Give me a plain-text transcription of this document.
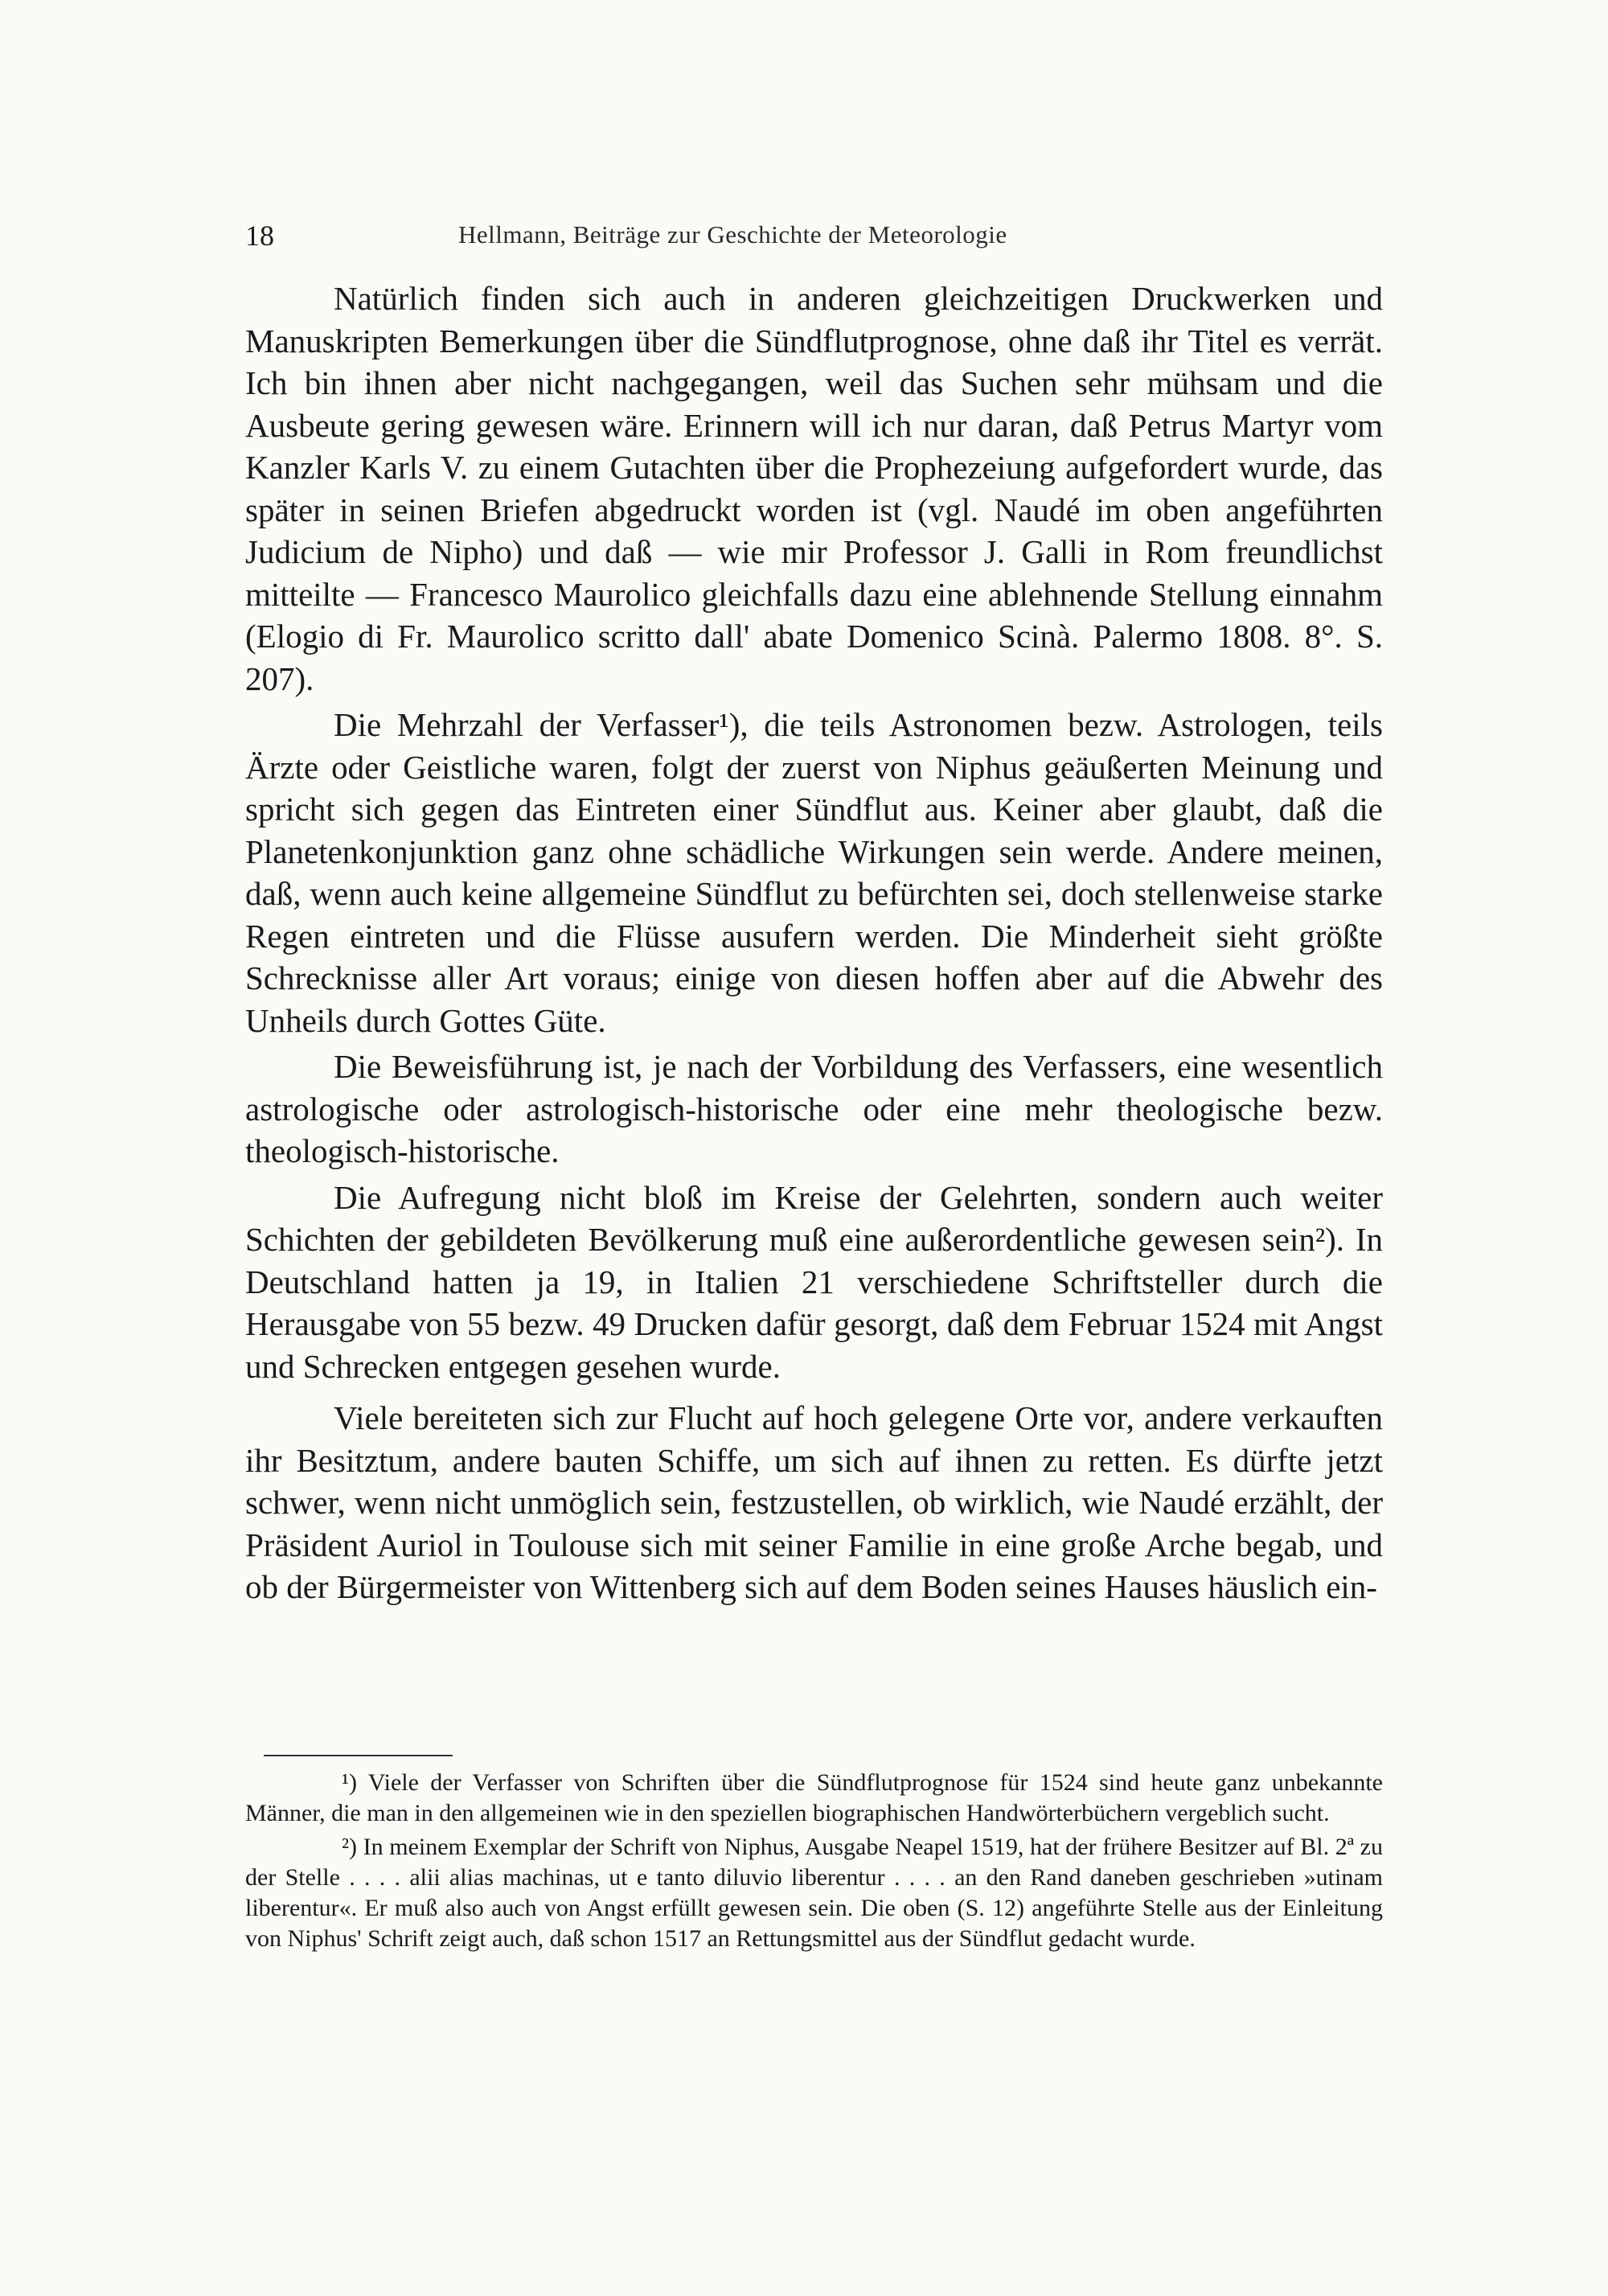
18	Hellmann, Beiträge zur Geschichte der Meteorologie

Natürlich finden sich auch in anderen gleichzeitigen Druckwerken und Manuskripten Bemerkungen über die Sündflutprognose, ohne daß ihr Titel es verrät. Ich bin ihnen aber nicht nachgegangen, weil das Suchen sehr mühsam und die Ausbeute gering gewesen wäre. Erinnern will ich nur daran, daß Petrus Martyr vom Kanzler Karls V. zu einem Gutachten über die Prophezeiung aufgefordert wurde, das später in seinen Briefen abgedruckt worden ist (vgl. Naudé im oben angeführten Judicium de Nipho) und daß — wie mir Professor J. Galli in Rom freundlichst mitteilte — Francesco Maurolico gleichfalls dazu eine ablehnende Stellung einnahm (Elogio di Fr. Maurolico scritto dall' abate Domenico Scinà. Palermo 1808. 8°. S. 207).

Die Mehrzahl der Verfasser¹), die teils Astronomen bezw. Astrologen, teils Ärzte oder Geistliche waren, folgt der zuerst von Niphus geäußerten Meinung und spricht sich gegen das Eintreten einer Sündflut aus. Keiner aber glaubt, daß die Planetenkonjunktion ganz ohne schädliche Wirkungen sein werde. Andere meinen, daß, wenn auch keine allgemeine Sündflut zu befürchten sei, doch stellenweise starke Regen eintreten und die Flüsse ausufern werden. Die Minderheit sieht größte Schrecknisse aller Art voraus; einige von diesen hoffen aber auf die Abwehr des Unheils durch Gottes Güte.

Die Beweisführung ist, je nach der Vorbildung des Verfassers, eine wesentlich astrologische oder astrologisch-historische oder eine mehr theologische bezw. theologisch-historische.

Die Aufregung nicht bloß im Kreise der Gelehrten, sondern auch weiter Schichten der gebildeten Bevölkerung muß eine außerordentliche gewesen sein²). In Deutschland hatten ja 19, in Italien 21 verschiedene Schriftsteller durch die Herausgabe von 55 bezw. 49 Drucken dafür gesorgt, daß dem Februar 1524 mit Angst und Schrecken entgegen gesehen wurde.

Viele bereiteten sich zur Flucht auf hoch gelegene Orte vor, andere verkauften ihr Besitztum, andere bauten Schiffe, um sich auf ihnen zu retten. Es dürfte jetzt schwer, wenn nicht unmöglich sein, festzustellen, ob wirklich, wie Naudé erzählt, der Präsident Auriol in Toulouse sich mit seiner Familie in eine große Arche begab, und ob der Bürgermeister von Wittenberg sich auf dem Boden seines Hauses häuslich ein-

¹) Viele der Verfasser von Schriften über die Sündflutprognose für 1524 sind heute ganz unbekannte Männer, die man in den allgemeinen wie in den speziellen biographischen Handwörterbüchern vergeblich sucht.

²) In meinem Exemplar der Schrift von Niphus, Ausgabe Neapel 1519, hat der frühere Besitzer auf Bl. 2ª zu der Stelle . . . . alii alias machinas, ut e tanto diluvio liberentur . . . . an den Rand daneben geschrieben »utinam liberentur«. Er muß also auch von Angst erfüllt gewesen sein. Die oben (S. 12) angeführte Stelle aus der Einleitung von Niphus' Schrift zeigt auch, daß schon 1517 an Rettungsmittel aus der Sündflut gedacht wurde.
